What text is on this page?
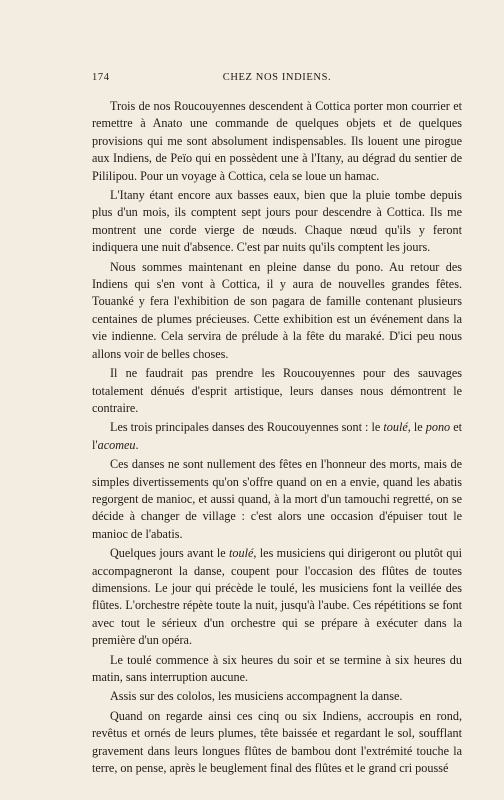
174	CHEZ NOS INDIENS.

Trois de nos Roucouyennes descendent à Cottica porter mon courrier et remettre à Anato une commande de quelques objets et de quelques provisions qui me sont absolument indispensables. Ils louent une pirogue aux Indiens, de Peïo qui en possèdent une à l'Itany, au dégrad du sentier de Pililipou. Pour un voyage à Cottica, cela se loue un hamac.

L'Itany étant encore aux basses eaux, bien que la pluie tombe depuis plus d'un mois, ils comptent sept jours pour descendre à Cottica. Ils me montrent une corde vierge de nœuds. Chaque nœud qu'ils y feront indiquera une nuit d'absence. C'est par nuits qu'ils comptent les jours.

Nous sommes maintenant en pleine danse du pono. Au retour des Indiens qui s'en vont à Cottica, il y aura de nouvelles grandes fêtes. Touanké y fera l'exhibition de son pagara de famille contenant plusieurs centaines de plumes précieuses. Cette exhibition est un événement dans la vie indienne. Cela servira de prélude à la fête du maraké. D'ici peu nous allons voir de belles choses.

Il ne faudrait pas prendre les Roucouyennes pour des sauvages totalement dénués d'esprit artistique, leurs danses nous démontrent le contraire.

Les trois principales danses des Roucouyennes sont : le toulé, le pono et l'acomeu.

Ces danses ne sont nullement des fêtes en l'honneur des morts, mais de simples divertissements qu'on s'offre quand on en a envie, quand les abatis regorgent de manioc, et aussi quand, à la mort d'un tamouchi regretté, on se décide à changer de village : c'est alors une occasion d'épuiser tout le manioc de l'abatis.

Quelques jours avant le toulé, les musiciens qui dirigeront ou plutôt qui accompagneront la danse, coupent pour l'occasion des flûtes de toutes dimensions. Le jour qui précède le toulé, les musiciens font la veillée des flûtes. L'orchestre répète toute la nuit, jusqu'à l'aube. Ces répétitions se font avec tout le sérieux d'un orchestre qui se prépare à exécuter dans la première d'un opéra.

Le toulé commence à six heures du soir et se termine à six heures du matin, sans interruption aucune.

Assis sur des cololos, les musiciens accompagnent la danse.

Quand on regarde ainsi ces cinq ou six Indiens, accroupis en rond, revêtus et ornés de leurs plumes, tête baissée et regardant le sol, soufflant gravement dans leurs longues flûtes de bambou dont l'extrémité touche la terre, on pense, après le beuglement final des flûtes et le grand cri poussé
